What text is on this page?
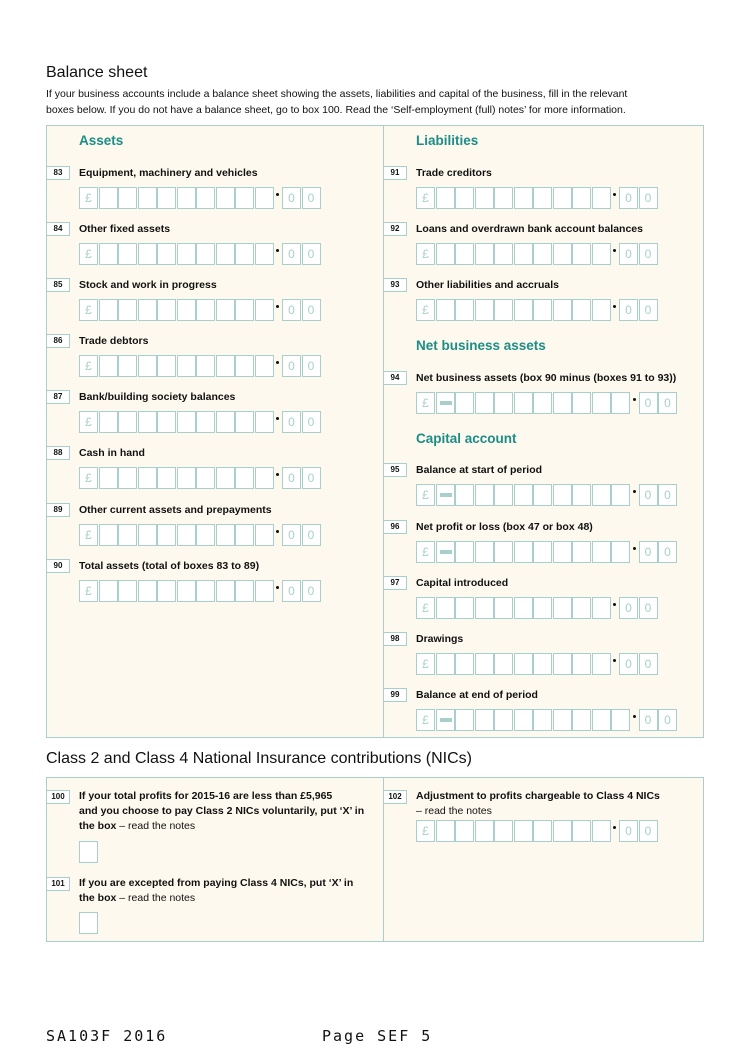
Balance sheet
If your business accounts include a balance sheet showing the assets, liabilities and capital of the business, fill in the relevant
boxes below. If you do not have a balance sheet, go to box 100. Read the ‘Self-employment (full) notes’ for more information.
Assets	Liabilities
Net business assets
Capital account
83	Equipment, machinery and vehicles
£	0	0
84	Other fixed assets
£	0	0
85	Stock and work in progress
£	0	0
86	Trade debtors
£	0	0
87	Bank/building society balances
£	0	0
88	Cash in hand
£	0	0
89	Other current assets and prepayments
£	0	0
90	Total assets (total of boxes 83 to 89)
£	0	0
91	Trade creditors
£	0	0
92	Loans and overdrawn bank account balances
£	0	0
93	Other liabilities and accruals
£	0	0
94	Net business assets (box 90 minus (boxes 91 to 93))
£	0	0
95	Balance at start of period
£	0	0
96	Net profit or loss (box 47 or box 48)
£	0	0
97	Capital introduced
£	0	0
98	Drawings
£	0	0
99	Balance at end of period
£	0	0
Class 2 and Class 4 National Insurance contributions (NICs)
100	If your total profits for 2015-16 are less than £5,965
and you choose to pay Class 2 NICs voluntarily, put ‘X’ in
the box – read the notes
101	If you are excepted from paying Class 4 NICs, put ‘X’ in
the box – read the notes
102	Adjustment to profits chargeable to Class 4 NICs
– read the notes
£	0	0
SA103F 2016	Page SEF 5
